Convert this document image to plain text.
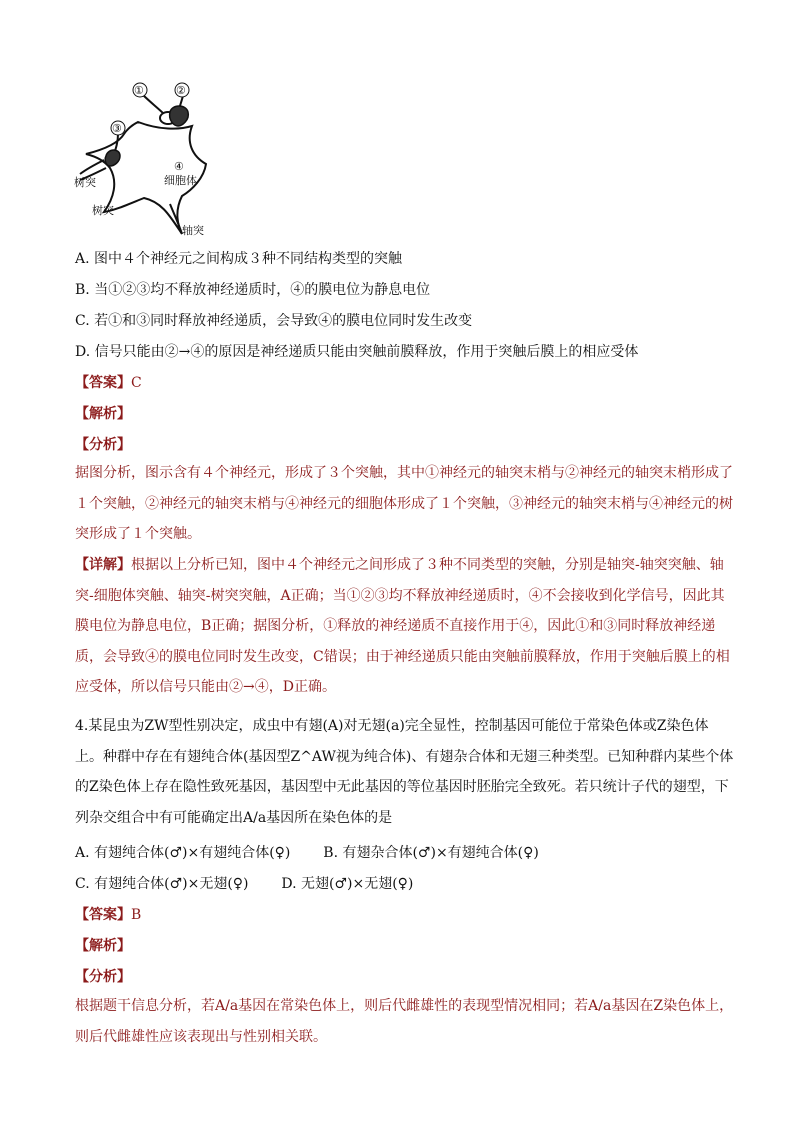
①	②
③
④
细胞体
树突
树突
轴突
A. 图中４个神经元之间构成３种不同结构类型的突触
B. 当①②③均不释放神经递质时，④的膜电位为静息电位
C. 若①和③同时释放神经递质，会导致④的膜电位同时发生改变
D. 信号只能由②→④的原因是神经递质只能由突触前膜释放，作用于突触后膜上的相应受体
【答案】C
【解析】
【分析】
据图分析，图示含有４个神经元，形成了３个突触，其中①神经元的轴突末梢与②神经元的轴突末梢形成了１个突触，②神经元的轴突末梢与④神经元的细胞体形成了１个突触，③神经元的轴突末梢与④神经元的树突形成了１个突触。
【详解】根据以上分析已知，图中４个神经元之间形成了３种不同类型的突触，分别是轴突-轴突突触、轴突-细胞体突触、轴突-树突突触，A正确；当①②③均不释放神经递质时，④不会接收到化学信号，因此其膜电位为静息电位，B正确；据图分析，①释放的神经递质不直接作用于④，因此①和③同时释放神经递质，会导致④的膜电位同时发生改变，C错误；由于神经递质只能由突触前膜释放，作用于突触后膜上的相应受体，所以信号只能由②→④，D正确。
4.某昆虫为ZW型性别决定，成虫中有翅(A)对无翅(a)完全显性，控制基因可能位于常染色体或Z染色体上。种群中存在有翅纯合体(基因型Z^AW视为纯合体)、有翅杂合体和无翅三种类型。已知种群内某些个体的Z染色体上存在隐性致死基因，基因型中无此基因的等位基因时胚胎完全致死。若只统计子代的翅型，下列杂交组合中有可能确定出A/a基因所在染色体的是
A. 有翅纯合体(♂)×有翅纯合体(♀) B. 有翅杂合体(♂)×有翅纯合体(♀)
C. 有翅纯合体(♂)×无翅(♀) D. 无翅(♂)×无翅(♀)
【答案】B
【解析】
【分析】
根据题干信息分析，若A/a基因在常染色体上，则后代雌雄性的表现型情况相同；若A/a基因在Z染色体上，则后代雌雄性应该表现出与性别相关联。
